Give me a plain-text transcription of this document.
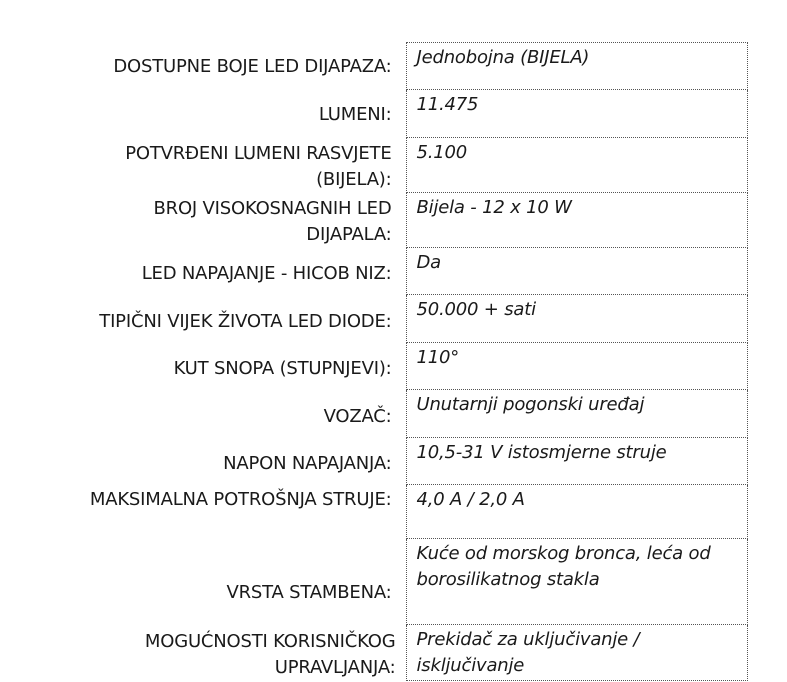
DOSTUPNE BOJE LED DIJAPAZA:	Jednobojna (BIJELA)
LUMENI:	11.475
POTVRĐENI LUMENI RASVJETE (BIJELA):	5.100
BROJ VISOKOSNAGNIH LED DIJAPALA:	Bijela - 12 x 10 W
LED NAPAJANJE - HICOB NIZ:	Da
TIPIČNI VIJEK ŽIVOTA LED DIODE:	50.000 + sati
KUT SNOPA (STUPNJEVI):	110°
VOZAČ:	Unutarnji pogonski uređaj
NAPON NAPAJANJA:	10,5-31 V istosmjerne struje
MAKSIMALNA POTROŠNJA STRUJE:	4,0 A / 2,0 A
VRSTA STAMBENA:	Kuće od morskog bronca, leća od borosilikatnog stakla
MOGUĆNOSTI KORISNIČKOG UPRAVLJANJA:	Prekidač za uključivanje / isključivanje
